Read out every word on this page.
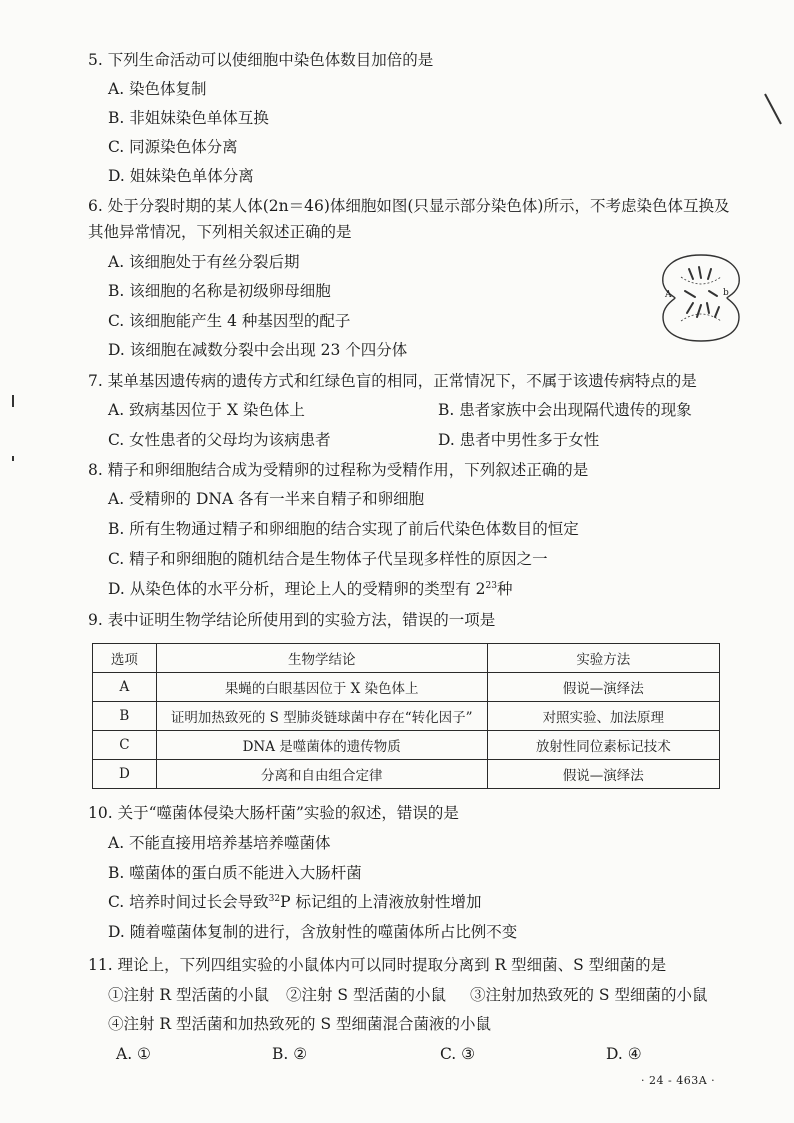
5. 下列生命活动可以使细胞中染色体数目加倍的是
A. 染色体复制
B. 非姐妹染色单体互换
C. 同源染色体分离
D. 姐妹染色单体分离
6. 处于分裂时期的某人体(2n＝46)体细胞如图(只显示部分染色体)所示，不考虑染色体互换及
其他异常情况，下列相关叙述正确的是
A. 该细胞处于有丝分裂后期
B. 该细胞的名称是初级卵母细胞
C. 该细胞能产生 4 种基因型的配子
D. 该细胞在减数分裂中会出现 23 个四分体
A	b
7. 某单基因遗传病的遗传方式和红绿色盲的相同，正常情况下，不属于该遗传病特点的是
A. 致病基因位于 X 染色体上	B. 患者家族中会出现隔代遗传的现象
C. 女性患者的父母均为该病患者	D. 患者中男性多于女性
8. 精子和卵细胞结合成为受精卵的过程称为受精作用，下列叙述正确的是
A. 受精卵的 DNA 各有一半来自精子和卵细胞
B. 所有生物通过精子和卵细胞的结合实现了前后代染色体数目的恒定
C. 精子和卵细胞的随机结合是生物体子代呈现多样性的原因之一
D. 从染色体的水平分析，理论上人的受精卵的类型有 $2^{23}$种
9. 表中证明生物学结论所使用到的实验方法，错误的一项是
选项	生物学结论	实验方法
A	果蝇的白眼基因位于 X 染色体上	假说—演绎法
B	证明加热致死的 S 型肺炎链球菌中存在“转化因子”	对照实验、加法原理
C	DNA 是噬菌体的遗传物质	放射性同位素标记技术
D	分离和自由组合定律	假说—演绎法
10. 关于“噬菌体侵染大肠杆菌”实验的叙述，错误的是
A. 不能直接用培养基培养噬菌体
B. 噬菌体的蛋白质不能进入大肠杆菌
C. 培养时间过长会导致$^{32}$P 标记组的上清液放射性增加
D. 随着噬菌体复制的进行，含放射性的噬菌体所占比例不变
11. 理论上，下列四组实验的小鼠体内可以同时提取分离到 R 型细菌、S 型细菌的是
①注射 R 型活菌的小鼠 ②注射 S 型活菌的小鼠 ③注射加热致死的 S 型细菌的小鼠
④注射 R 型活菌和加热致死的 S 型细菌混合菌液的小鼠
A. ①	B. ②	C. ③	D. ④
· 24 - 463A ·
